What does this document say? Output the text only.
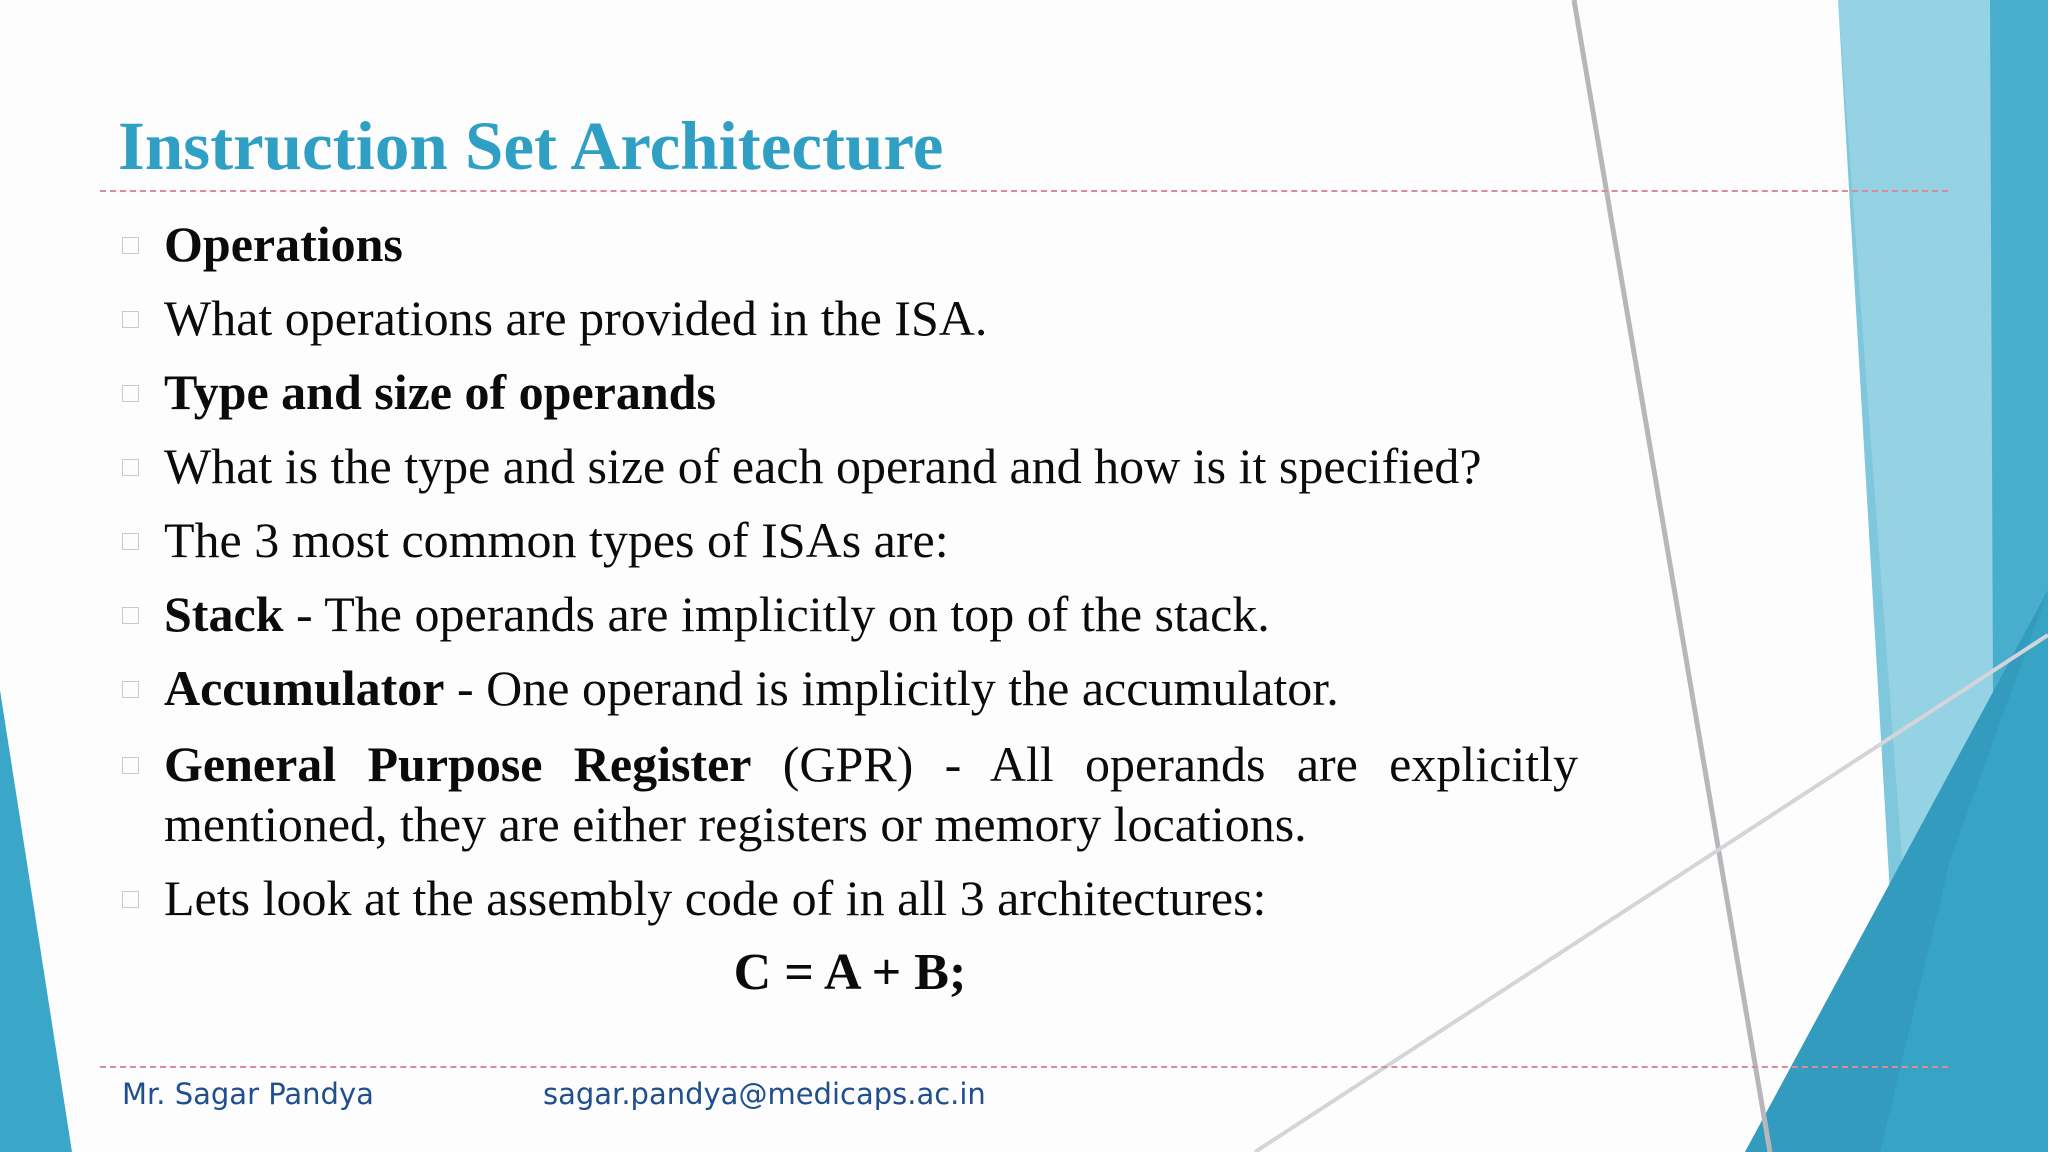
Instruction Set Architecture
Operations
What operations are provided in the ISA.
Type and size of operands
What is the type and size of each operand and how is it specified?
The 3 most common types of ISAs are:
Stack - The operands are implicitly on top of the stack.
Accumulator - One operand is implicitly the accumulator.
General Purpose Register (GPR) - All operands are explicitly mentioned, they are either registers or memory locations.
Lets look at the assembly code of in all 3 architectures:
C = A + B;
Mr. Sagar Pandya	sagar.pandya@medicaps.ac.in
